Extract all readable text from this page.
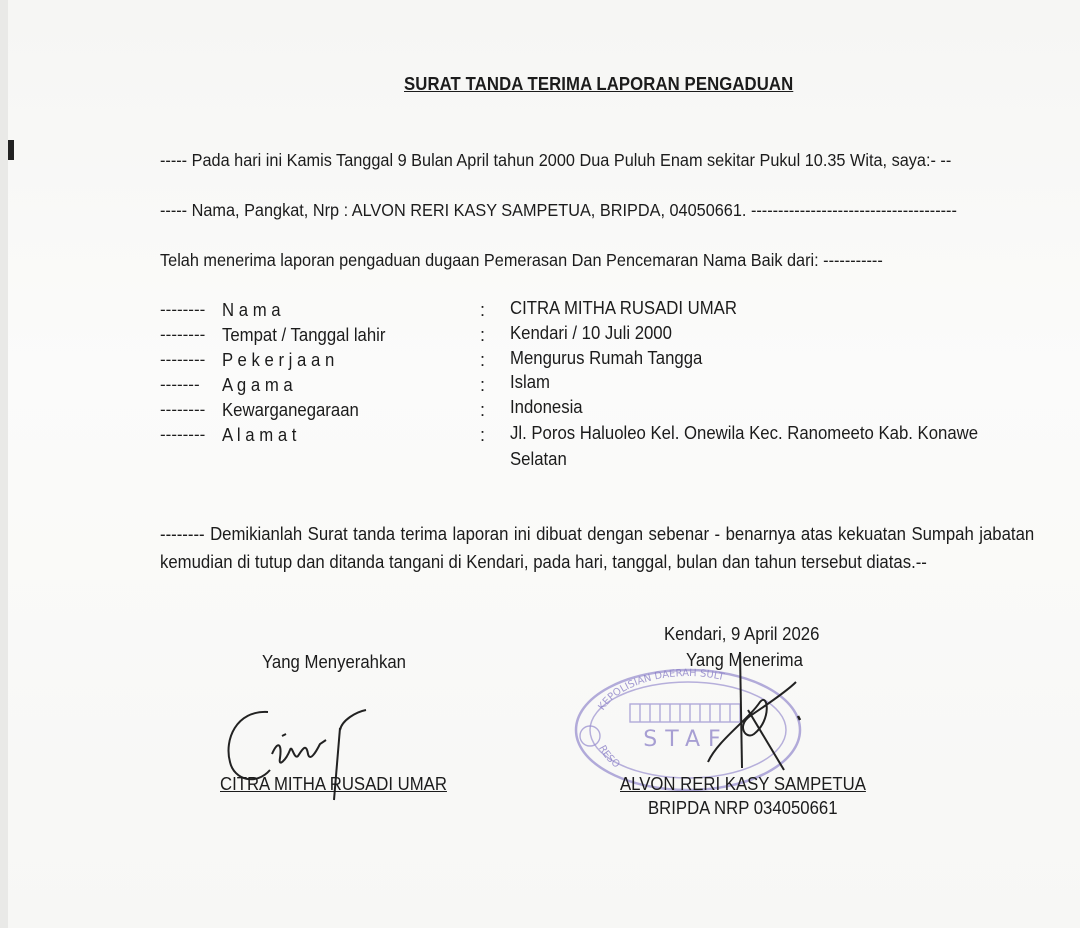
SURAT TANDA TERIMA LAPORAN PENGADUAN
----- Pada hari ini Kamis Tanggal 9 Bulan April tahun 2000 Dua Puluh Enam sekitar Pukul 10.35 Wita, saya:- --
----- Nama, Pangkat, Nrp : ALVON RERI KASY SAMPETUA, BRIPDA, 04050661. --------------------------------------
Telah menerima laporan pengaduan dugaan Pemerasan Dan Pencemaran Nama Baik dari: -----------
-------- N a m a	: CITRA MITHA RUSADI UMAR
-------- Tempat / Tanggal lahir	: Kendari / 10 Juli 2000
-------- P e k e r j a a n	: Mengurus Rumah Tangga
------- A g a m a	: Islam
-------- Kewarganegaraan	: Indonesia
-------- A l a m a t	: Jl. Poros Haluoleo Kel. Onewila Kec. Ranomeeto Kab. Konawe
Selatan
-------- Demikianlah Surat tanda terima laporan ini dibuat dengan sebenar - benarnya atas kekuatan Sumpah jabatan kemudian di tutup dan ditanda tangani di Kendari, pada hari, tanggal, bulan dan tahun tersebut diatas.--
Kendari, 9 April 2026
Yang Menerima
Yang Menyerahkan
KEPOLISIAN DAERAH SULT
STAF
RESO
CITRA MITHA RUSADI UMAR	ALVON RERI KASY SAMPETUA
BRIPDA NRP 034050661
